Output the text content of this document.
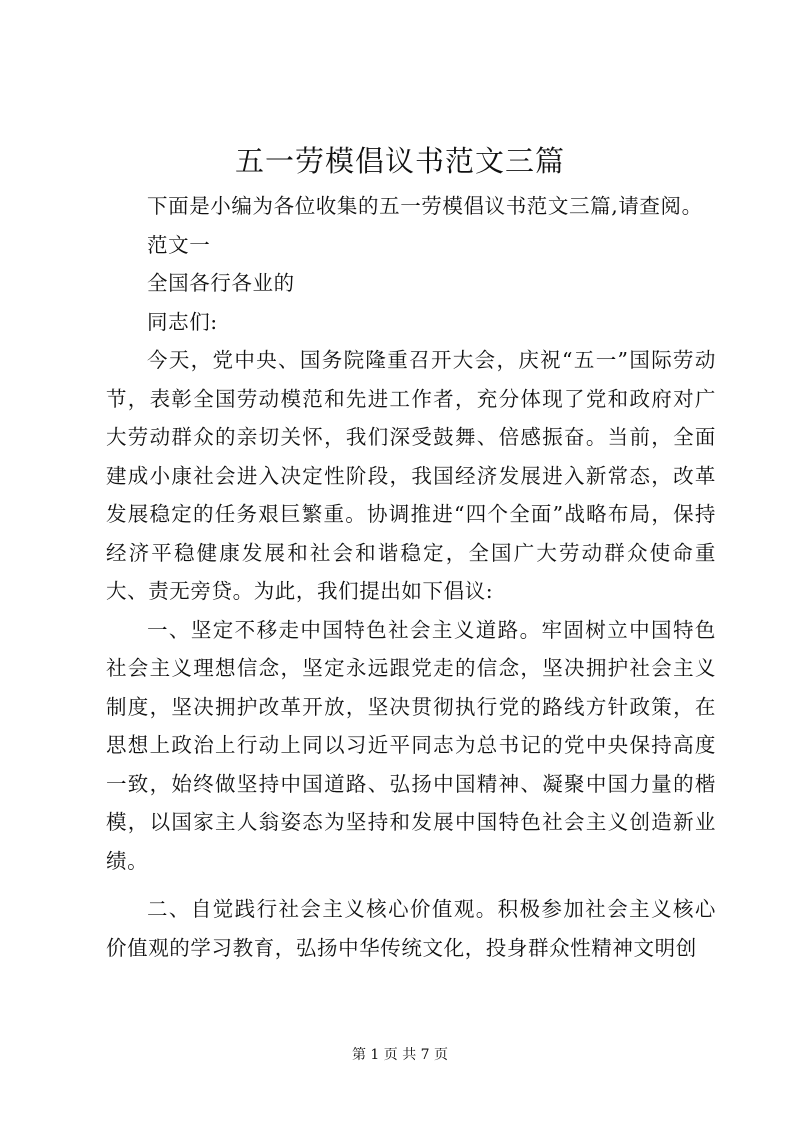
五一劳模倡议书范文三篇

下面是小编为各位收集的五一劳模倡议书范文三篇,请查阅。

范文一

全国各行各业的

同志们:

今天，党中央、国务院隆重召开大会，庆祝“五一”国际劳动节，表彰全国劳动模范和先进工作者，充分体现了党和政府对广大劳动群众的亲切关怀，我们深受鼓舞、倍感振奋。当前，全面建成小康社会进入决定性阶段，我国经济发展进入新常态，改革发展稳定的任务艰巨繁重。协调推进“四个全面”战略布局，保持经济平稳健康发展和社会和谐稳定，全国广大劳动群众使命重大、责无旁贷。为此，我们提出如下倡议:

一、坚定不移走中国特色社会主义道路。牢固树立中国特色社会主义理想信念，坚定永远跟党走的信念，坚决拥护社会主义制度，坚决拥护改革开放，坚决贯彻执行党的路线方针政策，在思想上政治上行动上同以习近平同志为总书记的党中央保持高度一致，始终做坚持中国道路、弘扬中国精神、凝聚中国力量的楷模，以国家主人翁姿态为坚持和发展中国特色社会主义创造新业绩。

二、自觉践行社会主义核心价值观。积极参加社会主义核心价值观的学习教育，弘扬中华传统文化，投身群众性精神文明创

第 1 页 共 7 页
